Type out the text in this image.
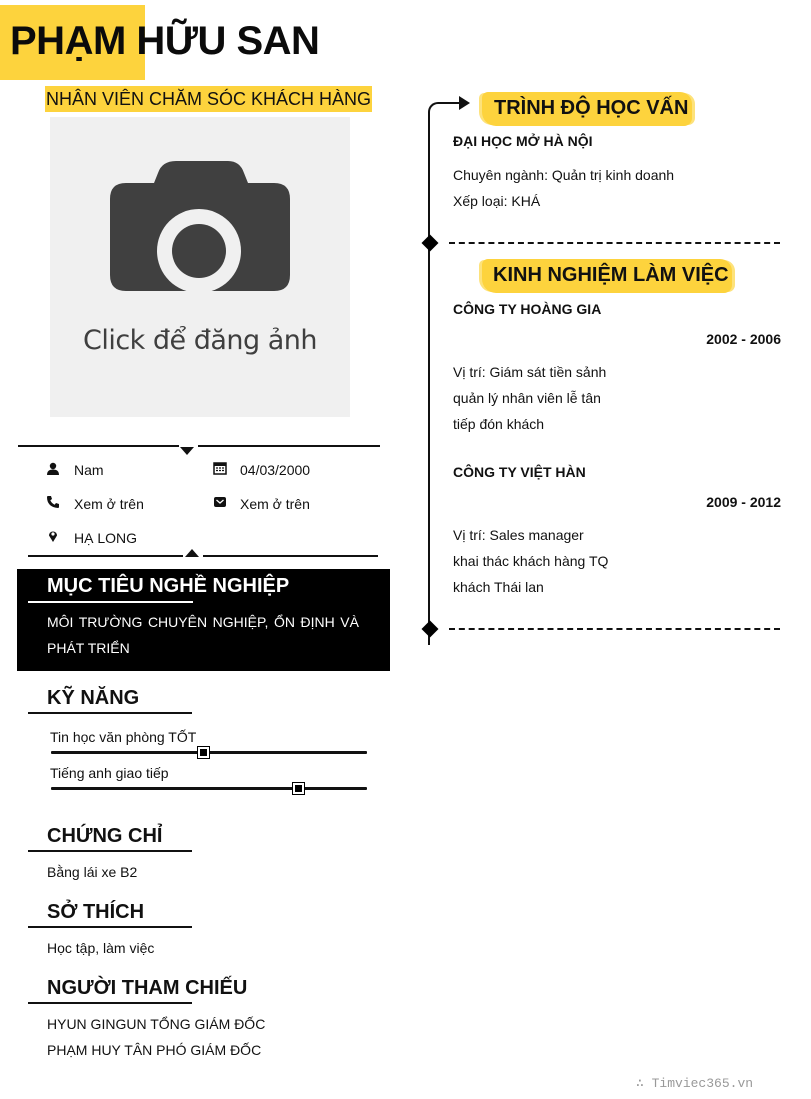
PHẠM HỮU SAN
NHÂN VIÊN CHĂM SÓC KHÁCH HÀNG
Click để đăng ảnh
Nam	04/03/2000
Xem ở trên	Xem ở trên
HẠ LONG
MỤC TIÊU NGHỀ NGHIỆP

MÔI TRƯỜNG CHUYÊN NGHIỆP, ỔN ĐỊNH VÀ PHÁT TRIỂN

KỸ NĂNG
Tin học văn phòng TỐT
Tiếng anh giao tiếp
CHỨNG CHỈ
Bằng lái xe B2
SỞ THÍCH
Học tập, làm việc
NGƯỜI THAM CHIẾU
HYUN GINGUN TỔNG GIÁM ĐỐC
PHẠM HUY TÂN PHÓ GIÁM ĐỐC
TRÌNH ĐỘ HỌC VẤN
ĐẠI HỌC MỞ HÀ NỘI
Chuyên ngành: Quản trị kinh doanh
Xếp loại: KHÁ
KINH NGHIỆM LÀM VIỆC
CÔNG TY HOÀNG GIA
2002 - 2006
Vị trí: Giám sát tiền sảnh
quản lý nhân viên lễ tân
tiếp đón khách
CÔNG TY VIỆT HÀN
2009 - 2012
Vị trí: Sales manager
khai thác khách hàng TQ
khách Thái lan
∴ Timviec365.vn
